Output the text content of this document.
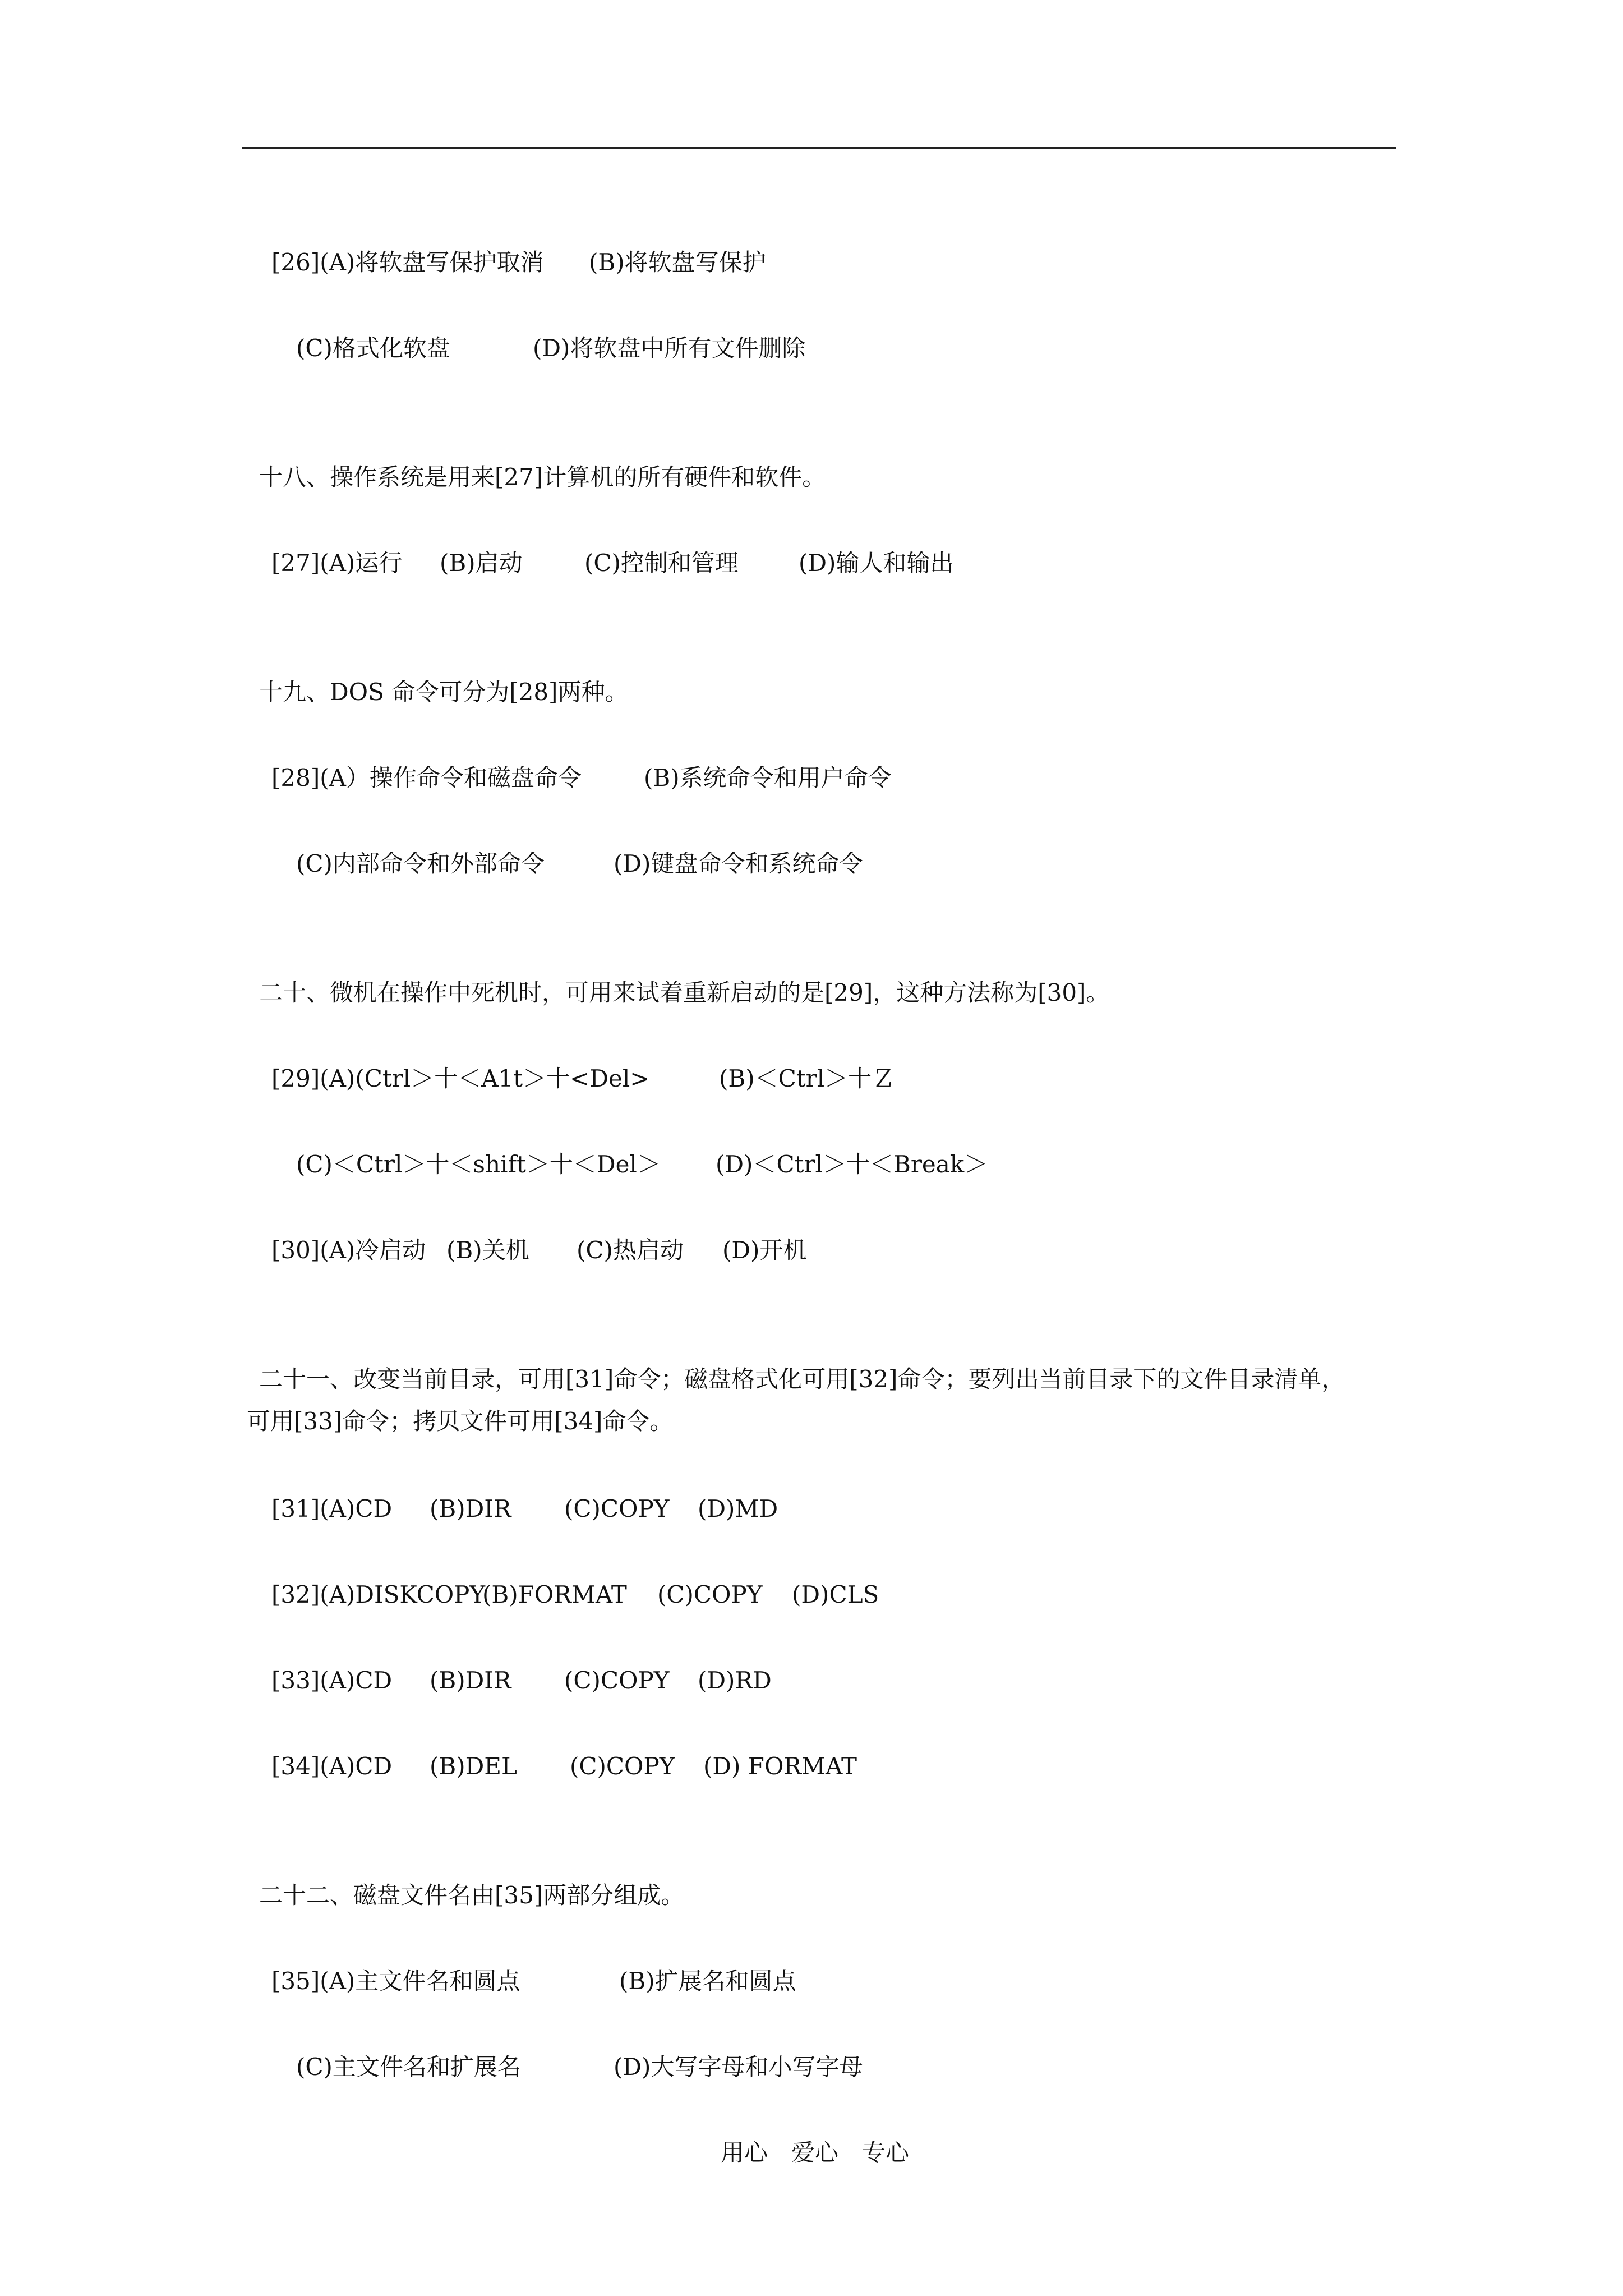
[26](A)将软盘写保护取消

(B)将软盘写保护

(C)格式化软盘

	(D)将软盘中所有文件删除

十八、操作系统是用来[27]计算机的所有硬件和软件。

[27](A)运行

(B)启动

	(C)控制和管理

	(D)输人和输出

十九、DOS 命令可分为[28]两种。

[28](A）操作命令和磁盘命令

	(B)系统命令和用户命令

(C)内部命令和外部命令

	(D)键盘命令和系统命令

二十、微机在操作中死机时，可用来试着重新启动的是[29]，这种方法称为[30]。

[29](A)(Ctrl＞十＜A1t＞十<Del>

	(B)＜Ctrl＞十Ｚ

(C)＜Ctrl＞十＜shift＞十＜Del＞

(D)＜Ctrl＞十＜Break＞

[30](A)冷启动

(B)关机

(C)热启动

(D)开机

二十一、改变当前目录，可用[31]命令；磁盘格式化可用[32]命令；要列出当前目录下的文件目录清单，
可用[33]命令；拷贝文件可用[34]命令。

[31](A)CD

(B)DIR

(C)COPY

(D)MD

[32](A)DISKCOPY

(B)FORMAT

(C)COPY

(D)CLS

[33](A)CD

(B)DIR

(C)COPY

(D)RD

[34](A)CD

(B)DEL

(C)COPY

(D) FORMAT

二十二、磁盘文件名由[35]两部分组成。

[35](A)主文件名和圆点

	(B)扩展名和圆点

(C)主文件名和扩展名

	(D)大写字母和小写字母

用心　爱心　专心
